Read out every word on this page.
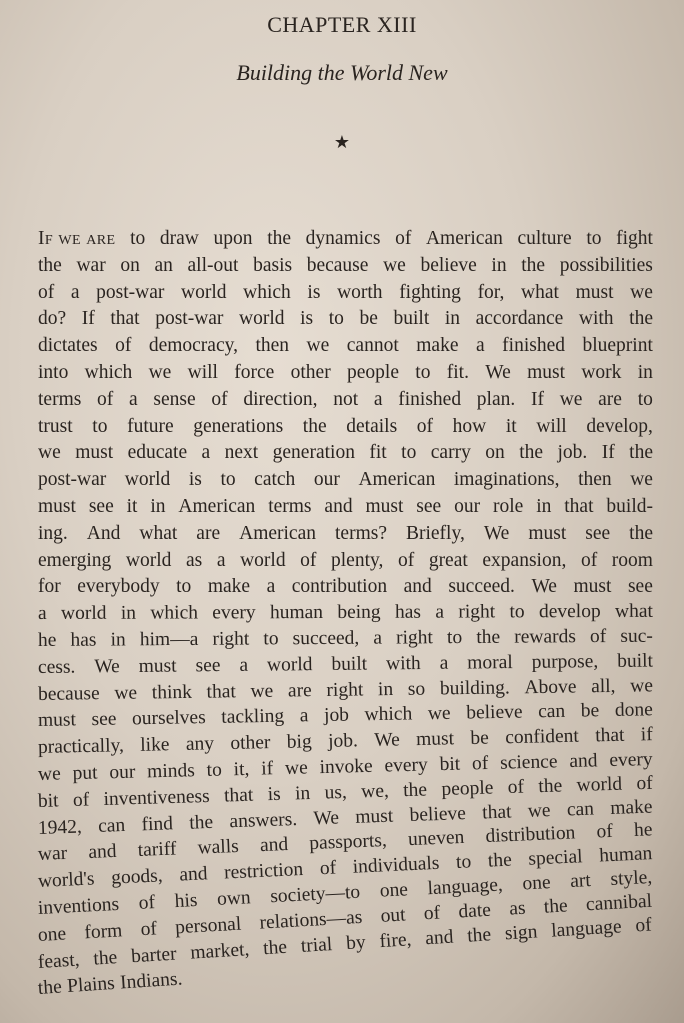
CHAPTER XIII
Building the World New
★
If we are to draw upon the dynamics of American culture to fight
the war on an all-out basis because we believe in the possibilities
of a post-war world which is worth fighting for, what must we
do? If that post-war world is to be built in accordance with the
dictates of democracy, then we cannot make a finished blueprint
into which we will force other people to fit. We must work in
terms of a sense of direction, not a finished plan. If we are to
trust to future generations the details of how it will develop,
we must educate a next generation fit to carry on the job. If the
post-war world is to catch our American imaginations, then we
must see it in American terms and must see our role in that build-
ing. And what are American terms? Briefly, We must see the
emerging world as a world of plenty, of great expansion, of room
for everybody to make a contribution and succeed. We must see
a world in which every human being has a right to develop what
he has in him—a right to succeed, a right to the rewards of suc-
cess. We must see a world built with a moral purpose, built
because we think that we are right in so building. Above all, we
must see ourselves tackling a job which we believe can be done
practically, like any other big job. We must be confident that if
we put our minds to it, if we invoke every bit of science and every
bit of inventiveness that is in us, we, the people of the world of
1942, can find the answers. We must believe that we can make
war and tariff walls and passports, uneven distribution of he
world's goods, and restriction of individuals to the special human
inventions of his own society—to one language, one art style,
one form of personal relations—as out of date as the cannibal
feast, the barter market, the trial by fire, and the sign language of
the Plains Indians.
